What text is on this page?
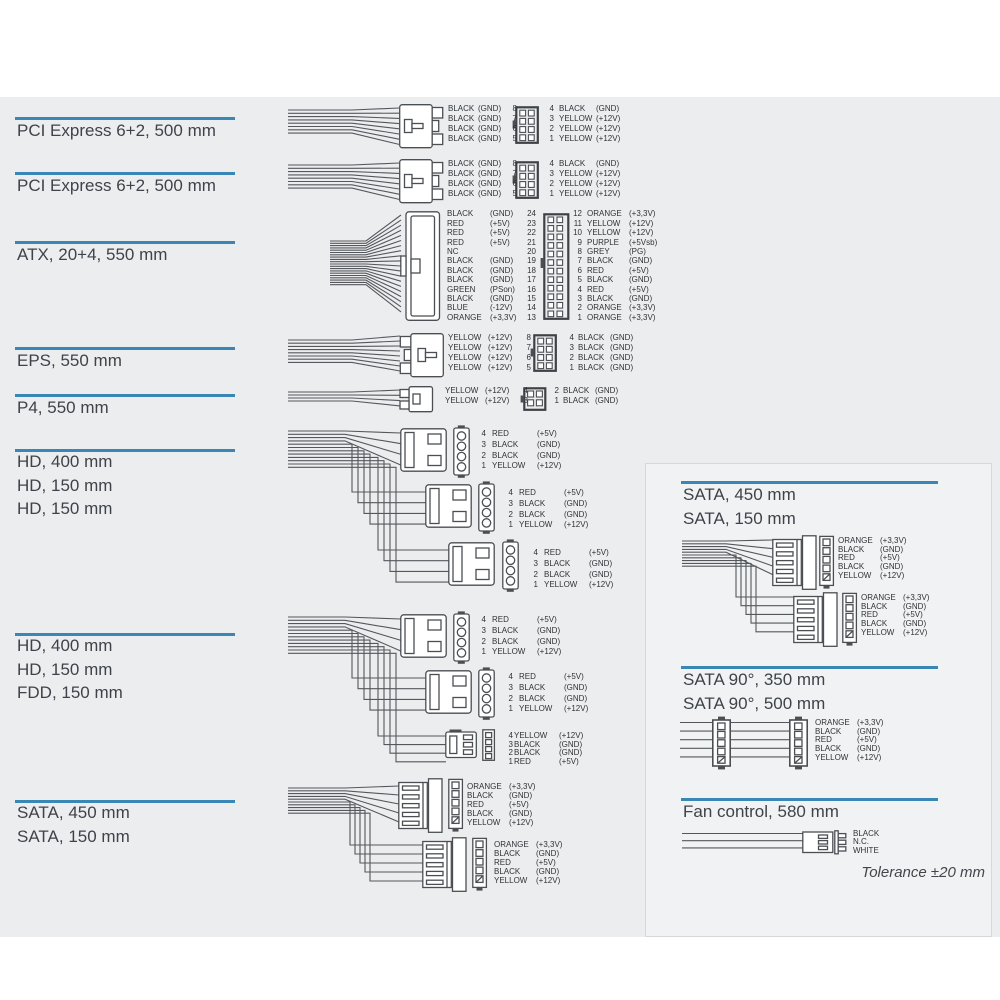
PCI Express 6+2, 500 mm
PCI Express 6+2, 500 mm
ATX, 20+4, 550 mm
EPS, 550 mm
P4, 550 mm
HD, 400 mm
HD, 150 mm
HD, 150 mm
HD, 400 mm
HD, 150 mm
FDD, 150 mm
SATA, 450 mm
SATA, 150 mm
SATA, 450 mm
SATA, 150 mm
SATA 90°, 350 mm
SATA 90°, 500 mm
Fan control, 580 mm
BLACK (GND)	8
BLACK (GND)	7
BLACK (GND)	6
BLACK (GND)	5
4 BLACK	(GND)
3 YELLOW (+12V)
2 YELLOW (+12V)
1 YELLOW (+12V)
BLACK (GND)	8
BLACK (GND)	7
BLACK (GND)	6
BLACK (GND)	5
4 BLACK	(GND)
3 YELLOW (+12V)
2 YELLOW (+12V)
1 YELLOW (+12V)
BLACK	(GND)	24
RED	(+5V)	23
RED	(+5V)	22
RED	(+5V)	21
NC	20
BLACK	(GND)	19
BLACK	(GND)	18
BLACK	(GND)	17
GREEN	(PSon)	16
BLACK	(GND)	15
BLUE	(-12V)	14
ORANGE	(+3,3V)	13
12 ORANGE (+3,3V)
11 YELLOW	(+12V)
10 YELLOW	(+12V)
9 PURPLE	(+5Vsb)
8 GREY	(PG)
7 BLACK	(GND)
6 RED	(+5V)
5 BLACK	(GND)
4 RED	(+5V)
3 BLACK	(GND)
2 ORANGE (+3,3V)
1 ORANGE (+3,3V)
YELLOW (+12V)	8
YELLOW (+12V)	7
YELLOW (+12V)	6
YELLOW (+12V)	5
4 BLACK (GND)
3 BLACK (GND)
2 BLACK (GND)
1 BLACK (GND)
YELLOW (+12V)	4
YELLOW (+12V)	3
2 BLACK (GND)
1 BLACK (GND)
4 RED	(+5V)
3 BLACK	(GND)
2 BLACK	(GND)
1 YELLOW	(+12V)
4 RED	(+5V)
3 BLACK	(GND)
2 BLACK	(GND)
1 YELLOW	(+12V)
4 RED	(+5V)
3 BLACK	(GND)
2 BLACK	(GND)
1 YELLOW	(+12V)
4 RED	(+5V)
3 BLACK	(GND)
2 BLACK	(GND)
1 YELLOW	(+12V)
4 RED	(+5V)
3 BLACK	(GND)
2 BLACK	(GND)
1 YELLOW	(+12V)
4 YELLOW	(+12V)
3 BLACK	(GND)
2 BLACK	(GND)
1 RED	(+5V)
ORANGE (+3,3V)
BLACK	(GND)
RED	(+5V)
BLACK	(GND)
YELLOW	(+12V)
ORANGE (+3,3V)
BLACK	(GND)
RED	(+5V)
BLACK	(GND)
YELLOW	(+12V)
ORANGE (+3,3V)
BLACK	(GND)
RED	(+5V)
BLACK	(GND)
YELLOW	(+12V)
ORANGE (+3,3V)
BLACK	(GND)
RED	(+5V)
BLACK	(GND)
YELLOW	(+12V)
ORANGE (+3,3V)
BLACK	(GND)
RED	(+5V)
BLACK	(GND)
YELLOW	(+12V)
BLACK
N.C.
WHITE
Tolerance ±20 mm
